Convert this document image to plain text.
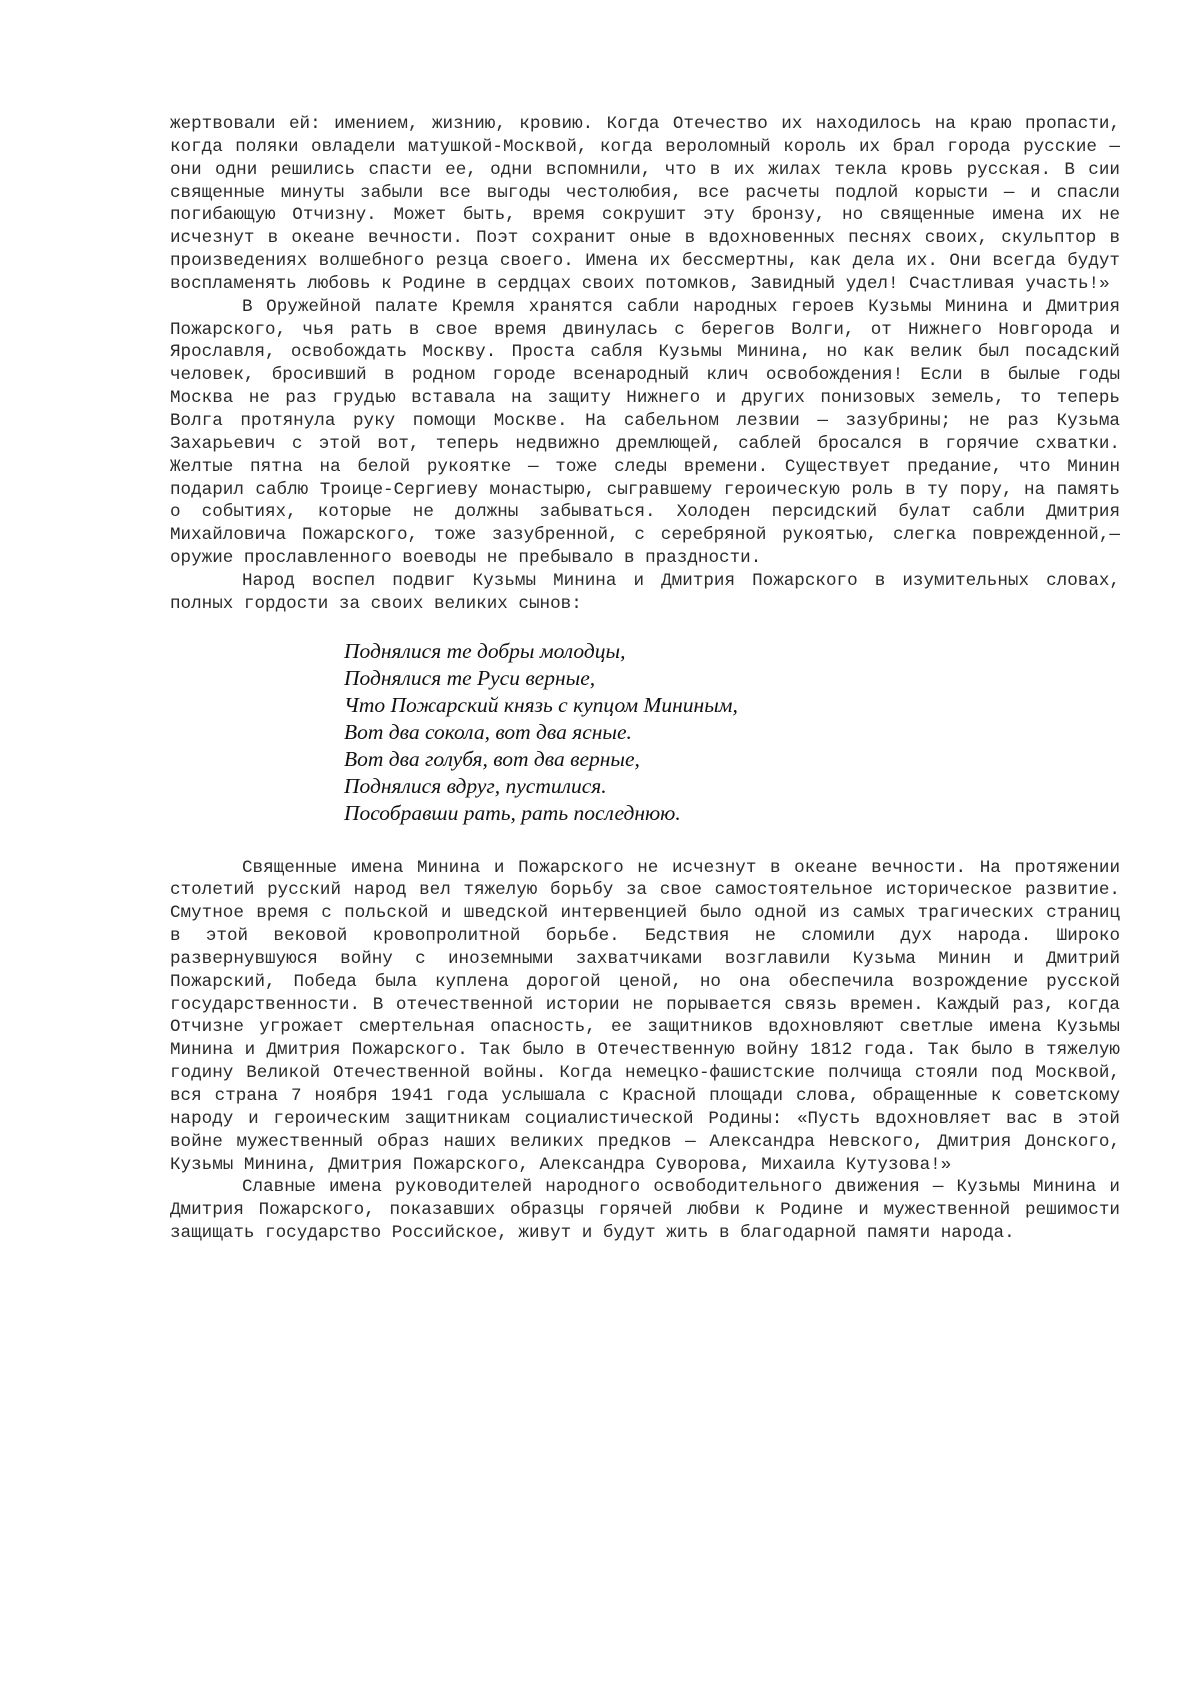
жертвовали ей: имением, жизнию, кровию. Когда Отечество их находилось на краю пропасти, когда поляки овладели матушкой-Москвой, когда вероломный король их брал города русские — они одни решились спасти ее, одни вспомнили, что в их жилах текла кровь русская. В сии священные минуты забыли все выгоды честолюбия, все расчеты подлой корысти — и спасли погибающую Отчизну. Может быть, время сокрушит эту бронзу, но священные имена их не исчезнут в океане вечности. Поэт сохранит оные в вдохновенных песнях своих, скульптор в произведениях волшебного резца своего. Имена их бессмертны, как дела их. Они всегда будут воспламенять любовь к Родине в сердцах своих потомков, Завидный удел! Счастливая участь!»

В Оружейной палате Кремля хранятся сабли народных героев Кузьмы Минина и Дмитрия Пожарского, чья рать в свое время двинулась с берегов Волги, от Нижнего Новгорода и Ярославля, освобождать Москву. Проста сабля Кузьмы Минина, но как велик был посадский человек, бросивший в родном городе всенародный клич освобождения! Если в былые годы Москва не раз грудью вставала на защиту Нижнего и других понизовых земель, то теперь Волга протянула руку помощи Москве. На сабельном лезвии — зазубрины; не раз Кузьма Захарьевич с этой вот, теперь недвижно дремлющей, саблей бросался в горячие схватки. Желтые пятна на белой рукоятке — тоже следы времени. Существует предание, что Минин подарил саблю Троице-Сергиеву монастырю, сыгравшему героическую роль в ту пору, на память о событиях, которые не должны забываться. Холоден персидский булат сабли Дмитрия Михайловича Пожарского, тоже зазубренной, с серебряной рукоятью, слегка поврежденной,— оружие прославленного воеводы не пребывало в праздности.

Народ воспел подвиг Кузьмы Минина и Дмитрия Пожарского в изумительных словах, полных гордости за своих великих сынов:

Поднялися те добры молодцы,
Поднялися те Руси верные,
Что Пожарский князь с купцом Мининым,
Вот два сокола, вот два ясные.
Вот два голубя, вот два верные,
Поднялися вдруг, пустилися.
Пособравши рать, рать последнюю.

Священные имена Минина и Пожарского не исчезнут в океане вечности. На протяжении столетий русский народ вел тяжелую борьбу за свое самостоятельное историческое развитие. Смутное время с польской и шведской интервенцией было одной из самых трагических страниц в этой вековой кровопролитной борьбе. Бедствия не сломили дух народа. Широко развернувшуюся войну с иноземными захватчиками возглавили Кузьма Минин и Дмитрий Пожарский, Победа была куплена дорогой ценой, но она обеспечила возрождение русской государственности. В отечественной истории не порывается связь времен. Каждый раз, когда Отчизне угрожает смертельная опасность, ее защитников вдохновляют светлые имена Кузьмы Минина и Дмитрия Пожарского. Так было в Отечественную войну 1812 года. Так было в тяжелую годину Великой Отечественной войны. Когда немецко-фашистские полчища стояли под Москвой, вся страна 7 ноября 1941 года услышала с Красной площади слова, обращенные к советскому народу и героическим защитникам социалистической Родины: «Пусть вдохновляет вас в этой войне мужественный образ наших великих предков — Александра Невского, Дмитрия Донского, Кузьмы Минина, Дмитрия Пожарского, Александра Суворова, Михаила Кутузова!»

Славные имена руководителей народного освободительного движения — Кузьмы Минина и Дмитрия Пожарского, показавших образцы горячей любви к Родине и мужественной решимости защищать государство Российское, живут и будут жить в благодарной памяти народа.
